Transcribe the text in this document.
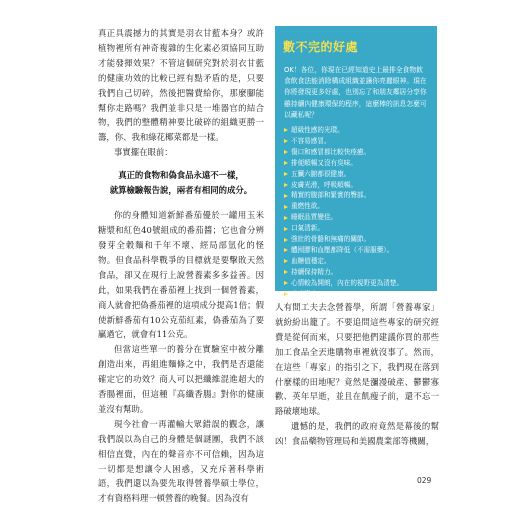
真正具震撼力的其實是羽衣甘藍本身？或許植物裡所有神奇複雜的生化素必須協同互助才能發揮效果？不管這個研究對於羽衣甘藍的健康功效的比較已經有點矛盾的是，只要我們自己切碎，然後把醫費給你，那麼腳能幫你走路嗎？我們並非只是一堆器官的結合物，我們的整體精神要比破碎的組織更勝一籌，你、我和綠花椰菜都是一樣。

事實擺在眼前：

真正的食物和偽食品永遠不一樣，
就算檢驗報告說，兩者有相同的成分。

你的身體知道新鮮番茄優於一罐用玉米糖漿和紅色40號組成的番茄醬；它也會分辨發芽全穀麵和千年不壞、經局部氫化的怪物。但食品科學戰爭的目標就是要擊敗天然食品，卻又在現行上說營養素多多益善。因此，如果我們在番茄裡上找到一個營養素，商人就會把偽番茄裡的這項成分提高1倍；假使新鮮番茄有10公克茄紅素，偽番茄為了要贏過它，就會有11公克。

但當這些單一的養分在實驗室中被分離創造出來，再組進麵條之中，我們是否還能確定它的功效？商人可以把纖維混進超大的香腸裡面，但這種『高纖香腸』對你的健康並沒有幫助。

現今社會一再灌輸大眾錯誤的觀念，讓我們誤以為自己的身體是個謎團，我們不該相信直覺，內在的聲音亦不可信賴，因為這一切都是想讓令人困惑，又充斥著科學術語，我們還以為要先取得營養學碩士學位，才有資格料理一頓營養的晚餐。因為沒有

數不完的好處
OK！各位，你現在已經知道史上最排全食物飲食飲食法能消除構成組織並讓你亮麗眼神。現在你將發現更多好處，也別忘了和朋友鄰居分享你雖持續內健康環保的程序，這麼棒的訊息怎麼可以藏私呢？
超級性感的光環。
不容易感冒。
傷口和感冒都比較快痊癒。
排便順暢又沒有臭味。
五臟六腑都很健康。
皮膚光滑，呼吸順暢。
精實的腹部和緊實的臀部。
重燃性欲。
睡眠品質變佳。
口氣清新。
強壯的骨骼和無痛的關節。
體囤膠和血壓都降低（不需服藥）。
血糖值穩定。
持續保持精力。
心情較為開朗，內在的視野更為清楚。
疾病變少。

人有間工夫去念營養學，所謂「營養專家」就紛紛出籠了。不要追問這些專家的研究經費是從何而來，只要把他們建議你買的那些加工食品全丟進購物車裡就沒事了。然而，在這些「專家」的指引之下，我們現在落到什麼樣的田地呢？竟然是瀰漫破產、鬱鬱寡歡、英年早逝，並且在飢瘦子前，還不忘一路破壞地球。

遺憾的是，我們的政府竟然是幕後的幫凶！食品藥物管理局和美國農業部等機關，

029
